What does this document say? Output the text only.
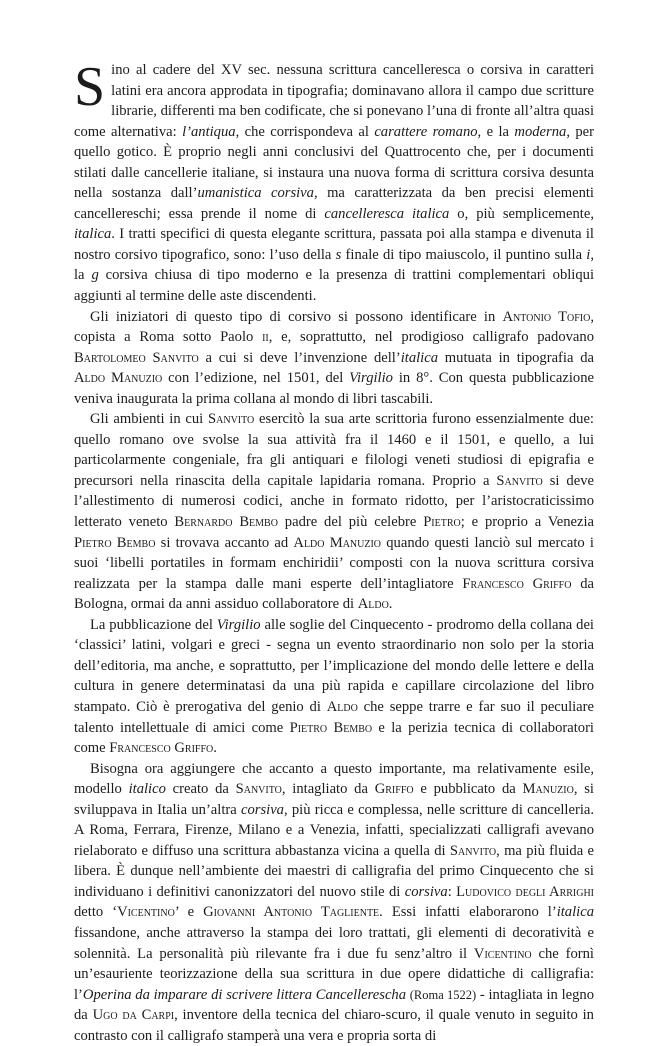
Sino al cadere del XV sec. nessuna scrittura cancelleresca o corsiva in caratteri latini era ancora approdata in tipografia; dominavano allora il campo due scritture librarie, differenti ma ben codificate, che si ponevano l’una di fronte all’altra quasi come alternativa: l’antiqua, che corrispondeva al carattere romano, e la moderna, per quello gotico. È proprio negli anni conclusivi del Quattrocento che, per i documenti stilati dalle cancellerie italiane, si instaura una nuova forma di scrittura corsiva desunta nella sostanza dall’umanistica corsiva, ma caratterizzata da ben precisi elementi cancellereschi; essa prende il nome di cancelleresca italica o, più semplicemente, italica. I tratti specifici di questa elegante scrittura, passata poi alla stampa e divenuta il nostro corsivo tipografico, sono: l’uso della s finale di tipo maiuscolo, il puntino sulla i, la g corsiva chiusa di tipo moderno e la presenza di trattini complementari obliqui aggiunti al termine delle aste discendenti.

Gli iniziatori di questo tipo di corsivo si possono identificare in Antonio Tofio, copista a Roma sotto Paolo ii, e, soprattutto, nel prodigioso calligrafo padovano Bartolomeo Sanvito a cui si deve l’invenzione dell’italica mutuata in tipografia da Aldo Manuzio con l’edizione, nel 1501, del Virgilio in 8°. Con questa pubblicazione veniva inaugurata la prima collana al mondo di libri tascabili.

Gli ambienti in cui Sanvito esercitò la sua arte scrittoria furono essenzialmente due: quello romano ove svolse la sua attività fra il 1460 e il 1501, e quello, a lui particolarmente congeniale, fra gli antiquari e filologi veneti studiosi di epigrafia e precursori nella rinascita della capitale lapidaria romana. Proprio a Sanvito si deve l’allestimento di numerosi codici, anche in formato ridotto, per l’aristocraticissimo letterato veneto Bernardo Bembo padre del più celebre Pietro; e proprio a Venezia Pietro Bembo si trovava accanto ad Aldo Manuzio quando questi lanciò sul mercato i suoi ‘libelli portatiles in formam enchiridii’ composti con la nuova scrittura corsiva realizzata per la stampa dalle mani esperte dell’intagliatore Francesco Griffo da Bologna, ormai da anni assiduo collaboratore di Aldo.

La pubblicazione del Virgilio alle soglie del Cinquecento - prodromo della collana dei ‘classici’ latini, volgari e greci - segna un evento straordinario non solo per la storia dell’editoria, ma anche, e soprattutto, per l’implicazione del mondo delle lettere e della cultura in genere determinatasi da una più rapida e capillare circolazione del libro stampato. Ciò è prerogativa del genio di Aldo che seppe trarre e far suo il peculiare talento intellettuale di amici come Pietro Bembo e la perizia tecnica di collaboratori come Francesco Griffo.

Bisogna ora aggiungere che accanto a questo importante, ma relativamente esile, modello italico creato da Sanvito, intagliato da Griffo e pubblicato da Manuzio, si sviluppava in Italia un’altra corsiva, più ricca e complessa, nelle scritture di cancelleria. A Roma, Ferrara, Firenze, Milano e a Venezia, infatti, specializzati calligrafi avevano rielaborato e diffuso una scrittura abbastanza vicina a quella di Sanvito, ma più fluida e libera. È dunque nell’ambiente dei maestri di calligrafia del primo Cinquecento che si individuano i definitivi canonizzatori del nuovo stile di corsiva: Ludovico degli Arrighi detto ‘Vicentino’ e Giovanni Antonio Tagliente. Essi infatti elaborarono l’italica fissandone, anche attraverso la stampa dei loro trattati, gli elementi di decoratività e solennità. La personalità più rilevante fra i due fu senz’altro il Vicentino che fornì un’esauriente teorizzazione della sua scrittura in due opere didattiche di calligrafia: l’Operina da imparare di scrivere littera Cancellerescha (Roma 1522) - intagliata in legno da Ugo da Carpi, inventore della tecnica del chiaro-scuro, il quale venuto in seguito in contrasto con il calligrafo stamperà una vera e propria sorta di
